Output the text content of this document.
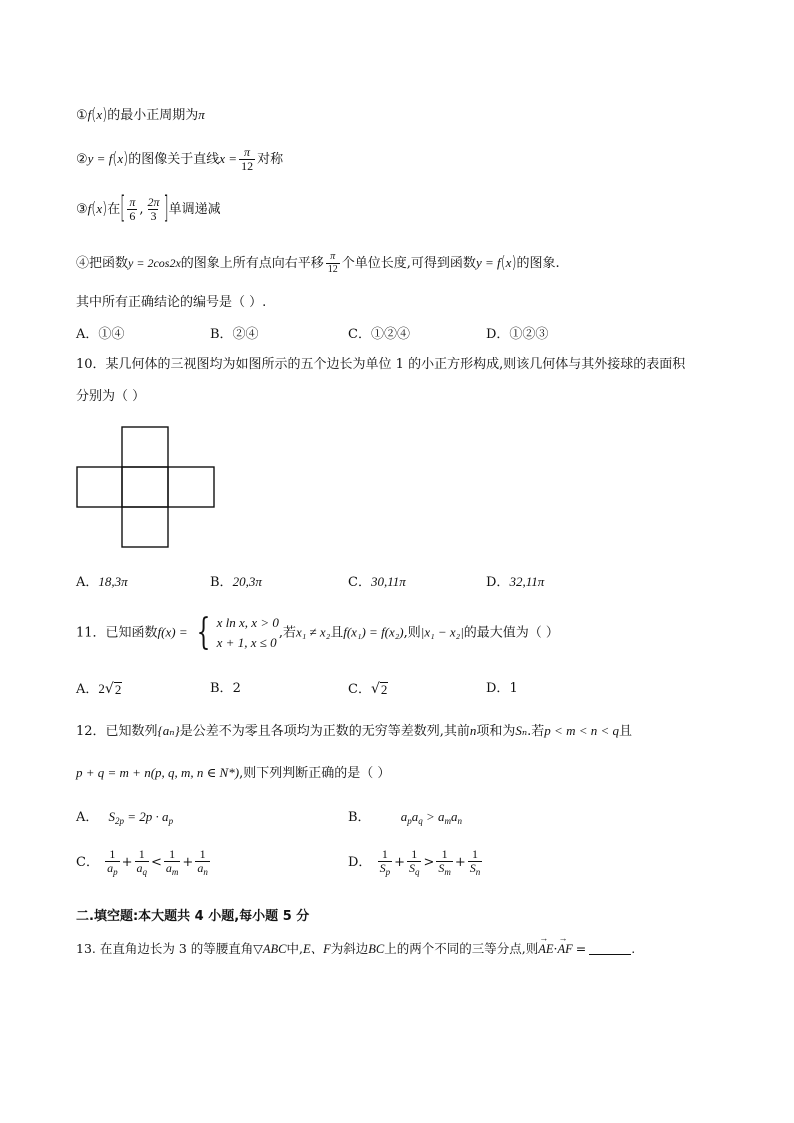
①f(x)的最小正周期为π
②y = f(x)的图像关于直线$x = \frac{\pi}{12}$ 对称
③f(x)在[ $\frac{\pi}{6}$ , $\frac{2\pi}{3}$ ]单调递减
④把函数y = 2cos2x的图象上所有点向右平移 $\frac{\pi}{12}$ 个单位长度,可得到函数y = f(x)的图象.
其中所有正确结论的编号是（ ）.
A．①④	B．②④	C．①②④	D．①②③
10．某几何体的三视图均为如图所示的五个边长为单位 1 的小正方形构成,则该几何体与其外接球的表面积
分别为（ ）
A．18,3π	B．20,3π	C．30,11π	D．32,11π
11．已知函数f(x) = { x ln x, x > 0
x + 1, x ≤ 0
,若x₁ ≠ x₂且f(x₁) = f(x₂),则|x₁ − x₂|的最大值为（ ）
A．2 √ 2	B．2	C． √ 2	D．1
12．已知数列{aₙ}是公差不为零且各项均为正数的无穷等差数列,其前n项和为Sₙ.若p < m < n < q且
p + q = m + n(p, q, m, n ∈ N*),则下列判断正确的是（ ）
A． $S_{2p} = 2p \cdot a_p$	B． $a_pa_q > a_ma_n$
C． $\frac{1}{a_p} + \frac{1}{a_q} < \frac{1}{a_m} + \frac{1}{a_n}$	D． $\frac{1}{S_p} + \frac{1}{S_q} > \frac{1}{S_m} + \frac{1}{S_n}$
二.填空题:本大题共 4 小题,每小题 5 分
13. 在直角边长为 3 的等腰直角▽ABC中,E、F为斜边BC上的两个不同的三等分点,则→ AE·→ AF =	.
